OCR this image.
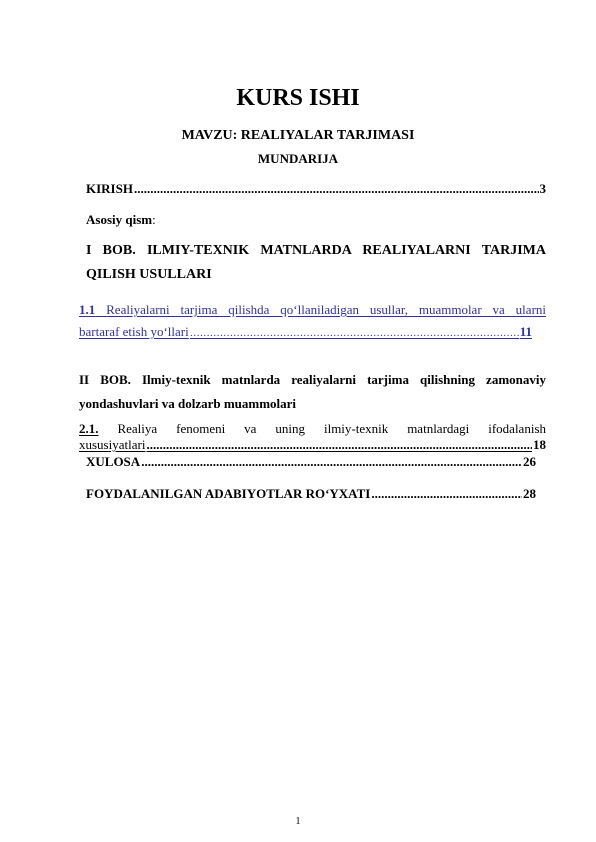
KURS ISHI
MAVZU: REALIYALAR TARJIMASI
MUNDARIJA
KIRISH .....	3
Asosiy qism:
I BOB. ILMIY-TEXNIK MATNLARDA REALIYALARNI TARJIMA
QILISH USULLARI
1.1 Realiyalarni tarjima qilishda qo‘llaniladigan usullar, muammolar va ularni
bartaraf etish yo‘llari ………………………………………………………………………………………………………………………………………………	11
II BOB. Ilmiy-texnik matnlarda realiyalarni tarjima qilishning zamonaviy
yondashuvlari va dolzarb muammolari
2.1. Realiya fenomeni va uning ilmiy-texnik matnlardagi ifodalanish
xususiyatlari .....	18
XULOSA .....	26
FOYDALANILGAN ADABIYOTLAR RO‘YXATI .....	28
1
